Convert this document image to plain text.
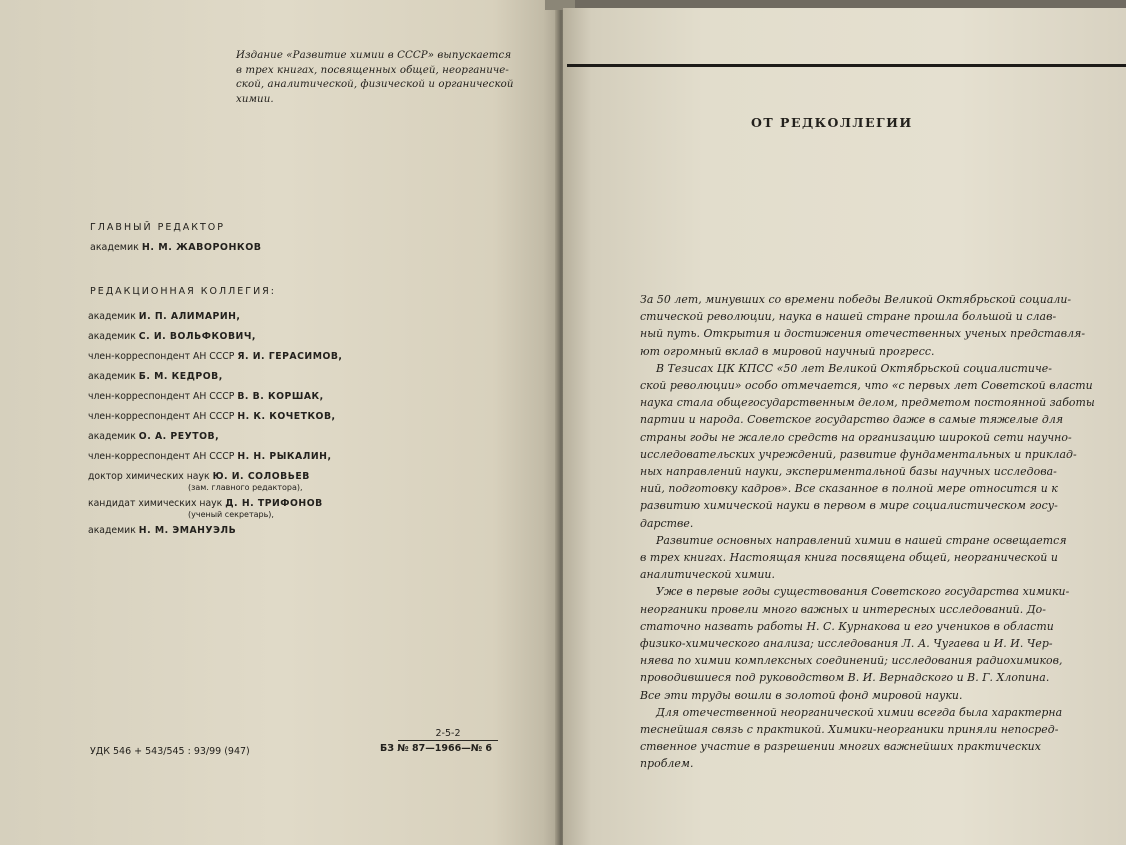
Издание «Развитие химии в СССР» выпускается
в трех книгах, посвященных общей, неорганиче-
ской, аналитической, физической и органической
химии.
ГЛАВНЫЙ РЕДАКТОР
академик Н. М. ЖАВОРОНКОВ
РЕДАКЦИОННАЯ КОЛЛЕГИЯ:
академик И. П. АЛИМАРИН,
академик С. И. ВОЛЬФКОВИЧ,
член-корреспондент АН СССР Я. И. ГЕРАСИМОВ,
академик Б. М. КЕДРОВ,
член-корреспондент АН СССР В. В. КОРШАК,
член-корреспондент АН СССР Н. К. КОЧЕТКОВ,
академик О. А. РЕУТОВ,
член-корреспондент АН СССР Н. Н. РЫКАЛИН,
доктор химических наук Ю. И. СОЛОВЬЕВ
(зам. главного редактора),
кандидат химических наук Д. Н. ТРИФОНОВ
(ученый секретарь),
академик Н. М. ЭМАНУЭЛЬ
УДК 546 + 543/545 : 93/99 (947)
2-5-2
БЗ № 87—1966—№ 6
ОТ РЕДКОЛЛЕГИИ
За 50 лет, минувших со времени победы Великой Октябрьской социали-
стической революции, наука в нашей стране прошла большой и слав-
ный путь. Открытия и достижения отечественных ученых представля-
ют огромный вклад в мировой научный прогресс.
В Тезисах ЦК КПСС «50 лет Великой Октябрьской социалистиче-
ской революции» особо отмечается, что «с первых лет Советской власти
наука стала общегосударственным делом, предметом постоянной заботы
партии и народа. Советское государство даже в самые тяжелые для
страны годы не жалело средств на организацию широкой сети научно-
исследовательских учреждений, развитие фундаментальных и приклад-
ных направлений науки, экспериментальной базы научных исследова-
ний, подготовку кадров». Все сказанное в полной мере относится и к
развитию химической науки в первом в мире социалистическом госу-
дарстве.
Развитие основных направлений химии в нашей стране освещается
в трех книгах. Настоящая книга посвящена общей, неорганической и
аналитической химии.
Уже в первые годы существования Советского государства химики-
неорганики провели много важных и интересных исследований. До-
статочно назвать работы Н. С. Курнакова и его учеников в области
физико-химического анализа; исследования Л. А. Чугаева и И. И. Чер-
няева по химии комплексных соединений; исследования радиохимиков,
проводившиеся под руководством В. И. Вернадского и В. Г. Хлопина.
Все эти труды вошли в золотой фонд мировой науки.
Для отечественной неорганической химии всегда была характерна
теснейшая связь с практикой. Химики-неорганики приняли непосред-
ственное участие в разрешении многих важнейших практических
проблем.
